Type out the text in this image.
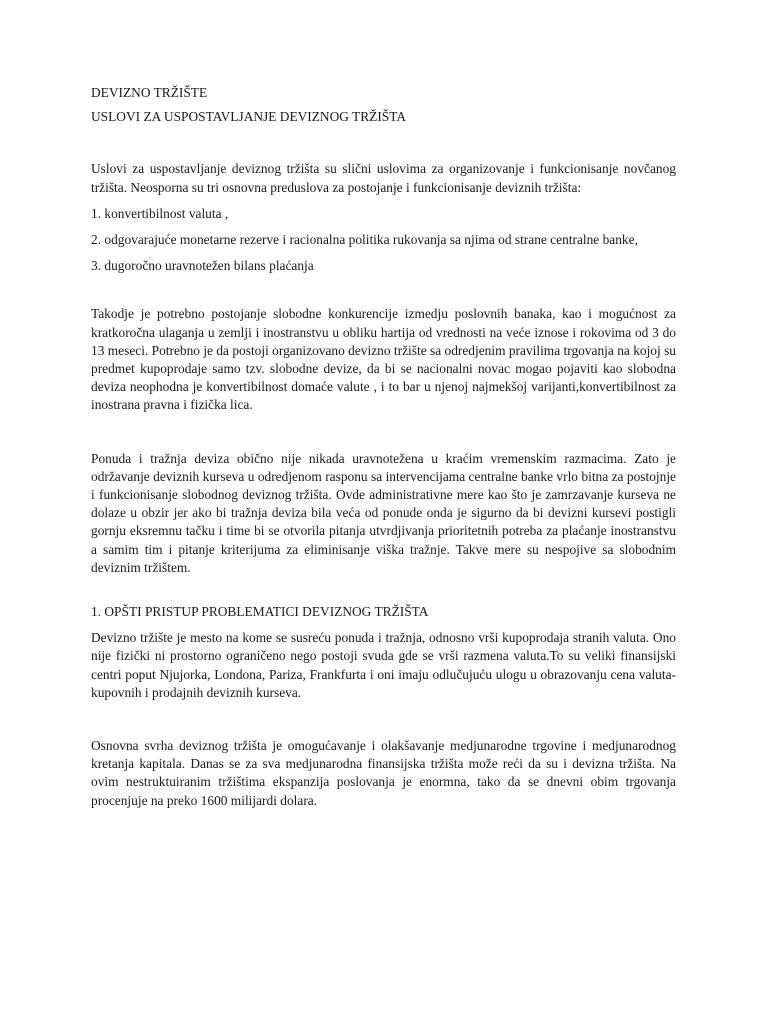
DEVIZNO TRŽIŠTE
USLOVI ZA USPOSTAVLJANJE DEVIZNOG TRŽIŠTA

Uslovi za uspostavljanje deviznog tržišta su slični uslovima za organizovanje i funkcionisanje novčanog tržišta. Neosporna su tri osnovna preduslova za postojanje i funkcionisanje deviznih tržišta:

1. konvertibilnost valuta ,
2. odgovarajuće monetarne rezerve i racionalna politika rukovanja sa njima od strane centralne banke,
3. dugoročno uravnotežen bilans plaćanja

Takodje je potrebno postojanje slobodne konkurencije izmedju poslovnih banaka, kao i mogućnost za kratkoročna ulaganja u zemlji i inostranstvu u obliku hartija od vrednosti na veće iznose i rokovima od 3 do 13 meseci. Potrebno je da postoji organizovano devizno tržište sa odredjenim pravilima trgovanja na kojoj su predmet kupoprodaje samo tzv. slobodne devize, da bi se nacionalni novac mogao pojaviti kao slobodna deviza neophodna je konvertibilnost domaće valute , i to bar u njenoj najmekšoj varijanti,konvertibilnost za inostrana pravna i fizička lica.

Ponuda i tražnja deviza obično nije nikada uravnotežena u kraćim vremenskim razmacima. Zato je održavanje deviznih kurseva u odredjenom rasponu sa intervencijama centralne banke vrlo bitna za postojnje i funkcionisanje slobodnog deviznog tržišta. Ovde administrativne mere kao što je zamrzavanje kurseva ne dolaze u obzir jer ako bi tražnja deviza bila veća od ponude onda je sigurno da bi devizni kursevi postigli gornju eksremnu tačku i time bi se otvorila pitanja utvrdjivanja prioritetnih potreba za plaćanje inostranstvu a samim tim i pitanje kriterijuma za eliminisanje viška tražnje. Takve mere su nespojive sa slobodnim deviznim tržištem.

1. OPŠTI PRISTUP PROBLEMATICI DEVIZNOG TRŽIŠTA

Devizno tržište je mesto na kome se susreću ponuda i tražnja, odnosno vrši kupoprodaja stranih valuta. Ono nije fizički ni prostorno ograničeno nego postoji svuda gde se vrši razmena valuta.To su veliki finansijski centri poput Njujorka, Londona, Pariza, Frankfurta i oni imaju odlučujuću ulogu u obrazovanju cena valuta-kupovnih i prodajnih deviznih kurseva.

Osnovna svrha deviznog tržišta je omogućavanje i olakšavanje medjunarodne trgovine i medjunarodnog kretanja kapitala. Danas se za sva medjunarodna finansijska tržišta može reći da su i devizna tržišta. Na ovim nestruktuiranim tržištima ekspanzija poslovanja je enormna, tako da se dnevni obim trgovanja procenjuje na preko 1600 milijardi dolara.
